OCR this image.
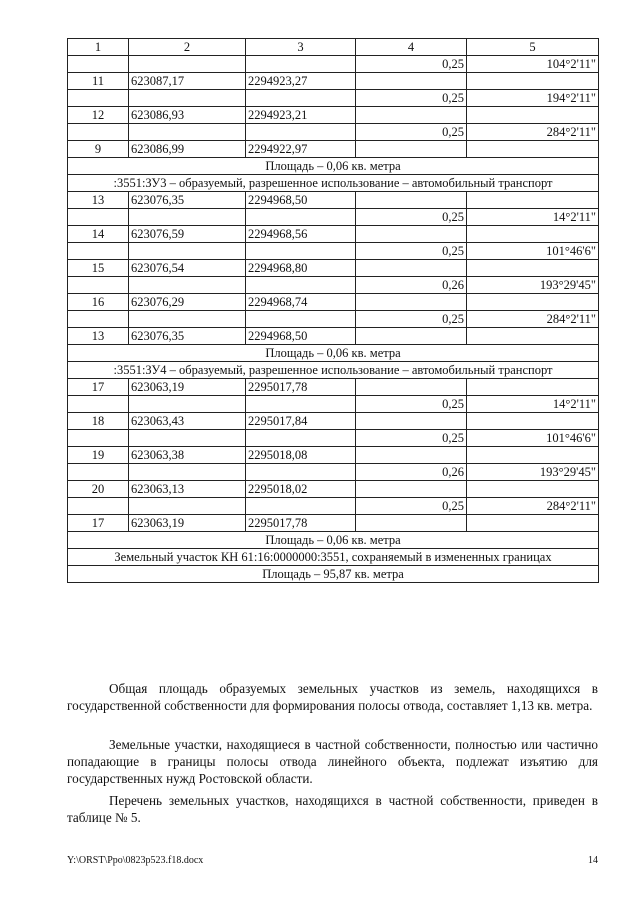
1	2	3	4	5
			0,25	104°2'11"
11	623087,17	2294923,27		
			0,25	194°2'11"
12	623086,93	2294923,21		
			0,25	284°2'11"
9	623086,99	2294922,97		
Площадь – 0,06 кв. метра				
:3551:ЗУ3 – образуемый, разрешенное использование – автомобильный транспорт				
13	623076,35	2294968,50		
			0,25	14°2'11"
14	623076,59	2294968,56		
			0,25	101°46'6"
15	623076,54	2294968,80		
			0,26	193°29'45"
16	623076,29	2294968,74		
			0,25	284°2'11"
13	623076,35	2294968,50		
Площадь – 0,06 кв. метра				
:3551:ЗУ4 – образуемый, разрешенное использование – автомобильный транспорт				
17	623063,19	2295017,78		
			0,25	14°2'11"
18	623063,43	2295017,84		
			0,25	101°46'6"
19	623063,38	2295018,08		
			0,26	193°29'45"
20	623063,13	2295018,02		
			0,25	284°2'11"
17	623063,19	2295017,78		
Площадь – 0,06 кв. метра				
Земельный участок КН 61:16:0000000:3551, сохраняемый в измененных границах				
Площадь – 95,87 кв. метра				

Общая площадь образуемых земельных участков из земель, находящихся в государственной собственности для формирования полосы отвода, составляет 1,13 кв. метра.

Земельные участки, находящиеся в частной собственности, полностью или частично попадающие в границы полосы отвода линейного объекта, подлежат изъятию для государственных нужд Ростовской области.

Перечень земельных участков, находящихся в частной собственности, приведен в таблице № 5.

Y:\ORST\Ppo\0823p523.f18.docx	14
